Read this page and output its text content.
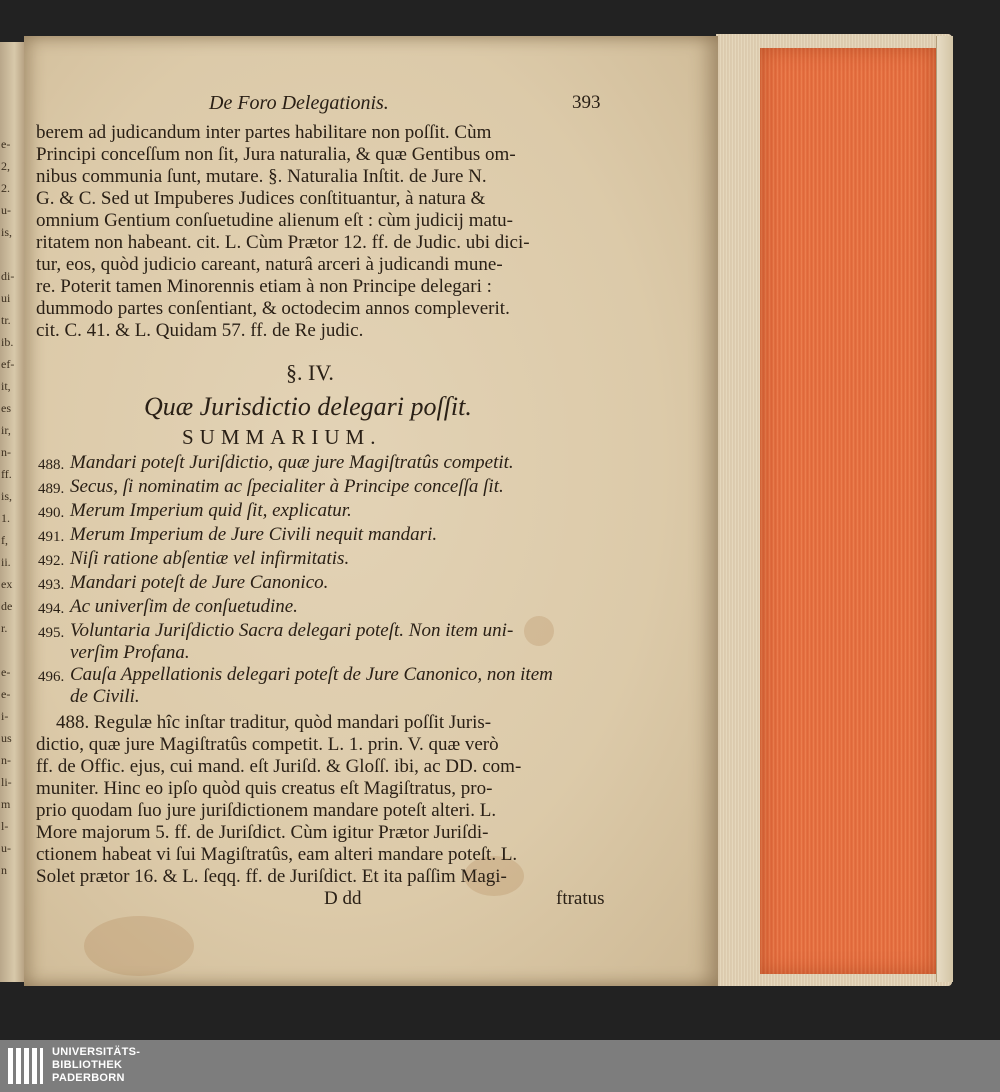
e-
2,
2.
u-
is,
di-
ui
tr.
ib.
ef-
it,
es
ir,
n-
ff.
is,
1.
f,
ii.
ex
de
r.
e-
e-
i-
us
n-
li-
m
l-
u-
n
De Foro Delegationis.	393
berem ad judicandum inter partes habilitare non poſſit. Cùm
Principi conceſſum non ſit, Jura naturalia, & quæ Gentibus om-
nibus communia ſunt, mutare. §. Naturalia Inſtit. de Jure N.
G. & C. Sed ut Impuberes Judices conſtituantur, à natura &
omnium Gentium conſuetudine alienum eſt : cùm judicij matu-
ritatem non habeant. cit. L. Cùm Prætor 12. ff. de Judic. ubi dici-
tur, eos, quòd judicio careant, naturâ arceri à judicandi mune-
re. Poterit tamen Minorennis etiam à non Principe delegari :
dummodo partes conſentiant, & octodecim annos compleverit.
cit. C. 41. & L. Quidam 57. ff. de Re judic.
§. IV.
Quæ Jurisdictio delegari poſſit.
SUMMARIUM.
488. Mandari poteſt Juriſdictio, quæ jure Magiſtratûs competit.
489. Secus, ſi nominatim ac ſpecialiter à Principe conceſſa ſit.
490. Merum Imperium quid ſit, explicatur.
491. Merum Imperium de Jure Civili nequit mandari.
492. Niſi ratione abſentiæ vel infirmitatis.
493. Mandari poteſt de Jure Canonico.
494. Ac univerſim de conſuetudine.
495. Voluntaria Juriſdictio Sacra delegari poteſt. Non item uni-
verſim Profana.
496. Cauſa Appellationis delegari poteſt de Jure Canonico, non item
de Civili.
488. Regulæ hîc inſtar traditur, quòd mandari poſſit Juris-
dictio, quæ jure Magiſtratûs competit. L. 1. prin. V. quæ verò
ff. de Offic. ejus, cui mand. eſt Juriſd. & Gloſſ. ibi, ac DD. com-
muniter. Hinc eo ipſo quòd quis creatus eſt Magiſtratus, pro-
prio quodam ſuo jure juriſdictionem mandare poteſt alteri. L.
More majorum 5. ff. de Juriſdict. Cùm igitur Prætor Juriſdi-
ctionem habeat vi ſui Magiſtratûs, eam alteri mandare poteſt. L.
Solet prætor 16. & L. ſeqq. ff. de Juriſdict. Et ita paſſim Magi-
D dd	ftratus
UNIVERSITÄTS-
BIBLIOTHEK
PADERBORN
